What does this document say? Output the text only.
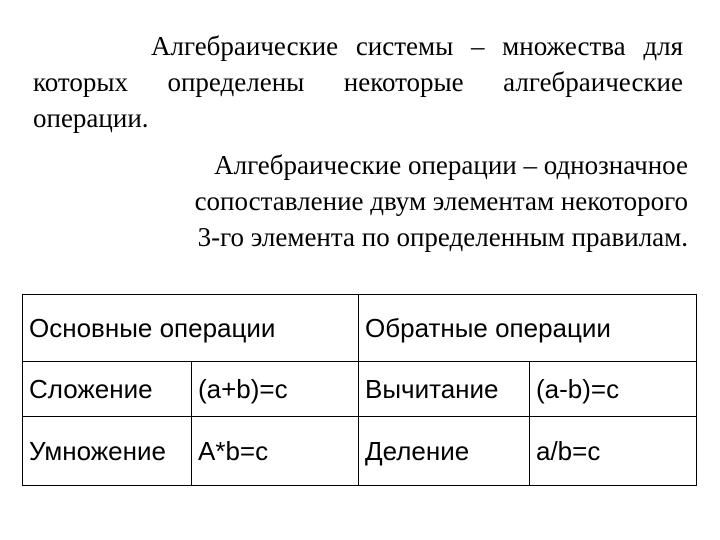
Алгебраические системы – множества для которых определены некоторые алгебраические операции.

Алгебраические операции – однозначное
сопоставление двум элементам некоторого
3-го элемента по определенным правилам.

Основные операции		Обратные операции	
Сложение	(a+b)=c	Вычитание	(a-b)=c
Умножение	A*b=c	Деление	a/b=c
